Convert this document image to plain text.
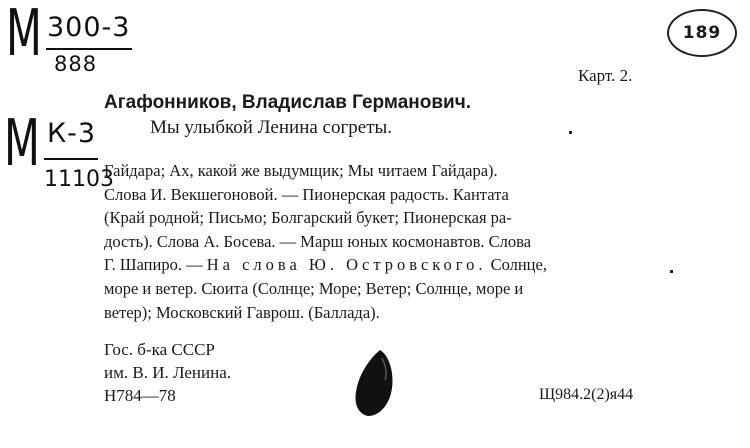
М 300-3
888
М К-3
11103
189
Карт. 2.
Агафонников, Владислав Германович.
Мы улыбкой Ленина согреты.
Гайдара; Ах, какой же выдумщик; Мы читаем Гайдара).
Слова И. Векшегоновой. — Пионерская радость. Кантата
(Край родной; Письмо; Болгарский букет; Пионерская ра-
дость). Слова А. Босева. — Марш юных космонавтов. Слова
Г. Шапиро. — На слова Ю. Островского. Солнце,
море и ветер. Сюита (Солнце; Море; Ветер; Солнце, море и
ветер); Московский Гаврош. (Баллада).
Гос. б-ка СССР
им. В. И. Ленина.
Н784—78	Щ984.2(2)я44
